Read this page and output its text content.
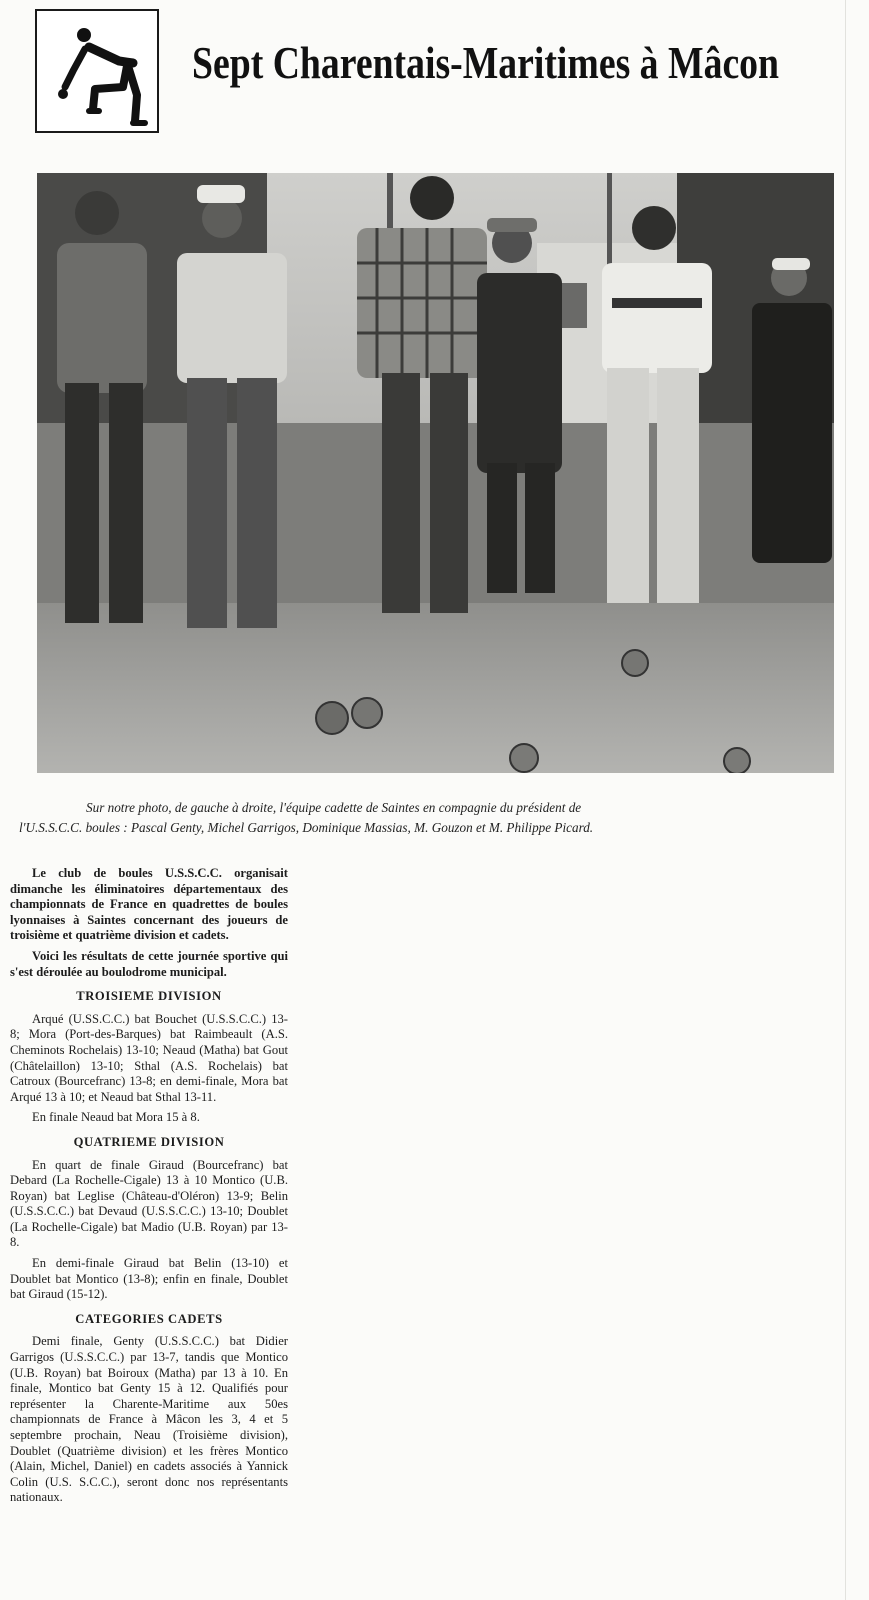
Sept Charentais-Maritimes à Mâcon
Sur notre photo, de gauche à droite, l'équipe cadette de Saintes en compagnie du président de
l'U.S.S.C.C. boules : Pascal Genty, Michel Garrigos, Dominique Massias, M. Gouzon et M. Philippe Picard.

Le club de boules U.S.S.C.C. organisait dimanche les éliminatoires départementaux des championnats de France en quadrettes de boules lyonnaises à Saintes concernant des joueurs de troisième et quatrième division et cadets.

Voici les résultats de cette journée sportive qui s'est déroulée au boulodrome municipal.

TROISIEME DIVISION

Arqué (U.SS.C.C.) bat Bouchet (U.S.S.C.C.) 13-8; Mora (Port-des-Barques) bat Raimbeault (A.S. Cheminots Rochelais) 13-10; Neaud (Matha) bat Gout (Châtelaillon) 13-10; Sthal (A.S. Rochelais) bat Catroux (Bourcefranc) 13-8; en demi-finale, Mora bat Arqué 13 à 10; et Neaud bat Sthal 13-11.

En finale Neaud bat Mora 15 à 8.

QUATRIEME DIVISION

En quart de finale Giraud (Bourcefranc) bat Debard (La Rochelle-Cigale) 13 à 10 Montico (U.B. Royan) bat Leglise (Château-d'Oléron) 13-9; Belin (U.S.S.C.C.) bat Devaud (U.S.S.C.C.) 13-10; Doublet (La Rochelle-Cigale) bat Madio (U.B. Royan) par 13-8.

En demi-finale Giraud bat Belin (13-10) et Doublet bat Montico (13-8); enfin en finale, Doublet bat Giraud (15-12).

CATEGORIES CADETS

Demi finale, Genty (U.S.S.C.C.) bat Didier Garrigos (U.S.S.C.C.) par 13-7, tandis que Montico (U.B. Royan) bat Boiroux (Matha) par 13 à 10. En finale, Montico bat Genty 15 à 12. Qualifiés pour représenter la Charente-Maritime aux 50es championnats de France à Mâcon les 3, 4 et 5 septembre prochain, Neau (Troisième division), Doublet (Quatrième division) et les frères Montico (Alain, Michel, Daniel) en cadets associés à Yannick Colin (U.S. S.C.C.), seront donc nos représentants nationaux.
